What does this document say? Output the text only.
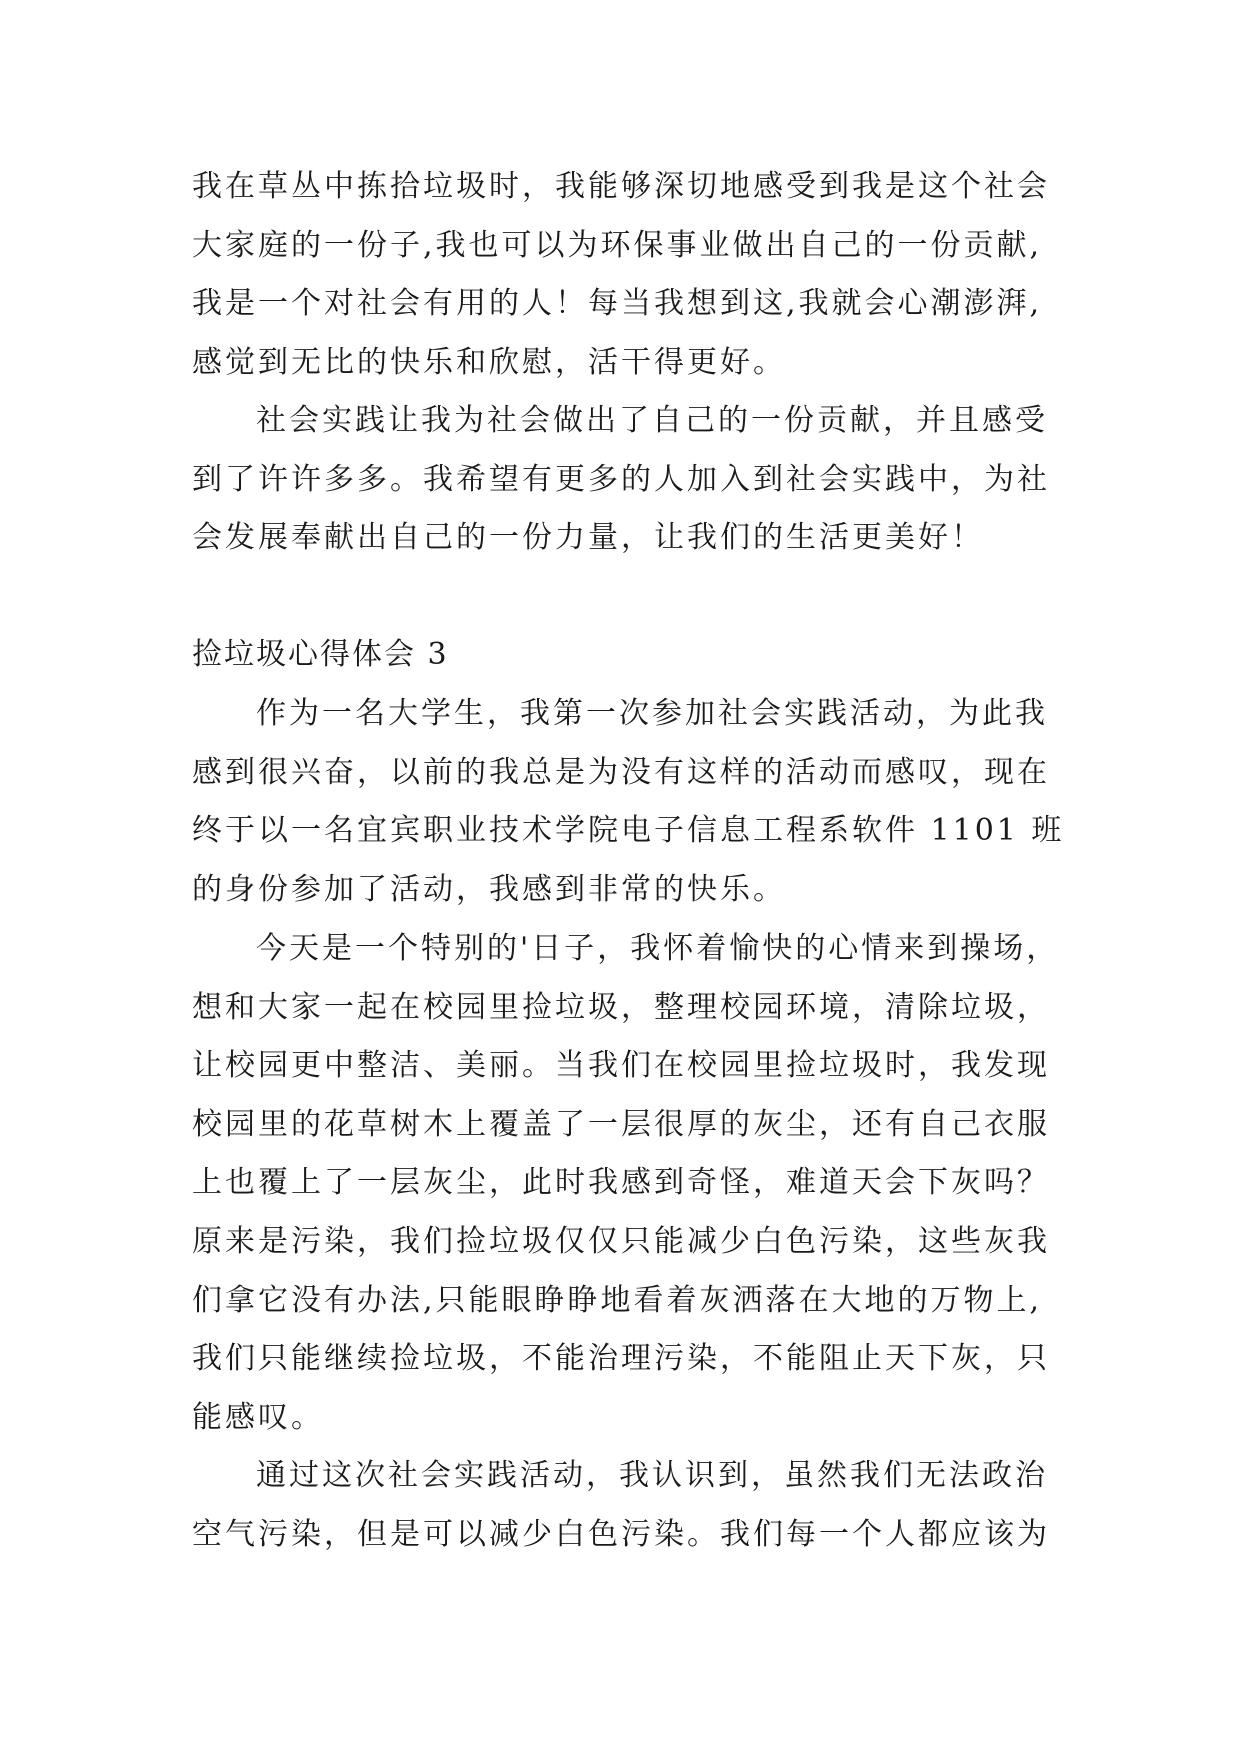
我在草丛中拣拾垃圾时，我能够深切地感受到我是这个社会
大家庭的一份子,我也可以为环保事业做出自己的一份贡献,
我是一个对社会有用的人！每当我想到这,我就会心潮澎湃,
感觉到无比的快乐和欣慰，活干得更好。
社会实践让我为社会做出了自己的一份贡献，并且感受
到了许许多多。我希望有更多的人加入到社会实践中，为社
会发展奉献出自己的一份力量，让我们的生活更美好！
捡垃圾心得体会 3
作为一名大学生，我第一次参加社会实践活动，为此我
感到很兴奋，以前的我总是为没有这样的活动而感叹，现在
终于以一名宜宾职业技术学院电子信息工程系软件 1101 班
的身份参加了活动，我感到非常的快乐。
今天是一个特别的'日子，我怀着愉快的心情来到操场，
想和大家一起在校园里捡垃圾，整理校园环境，清除垃圾，
让校园更中整洁、美丽。当我们在校园里捡垃圾时，我发现
校园里的花草树木上覆盖了一层很厚的灰尘，还有自己衣服
上也覆上了一层灰尘，此时我感到奇怪，难道天会下灰吗？
原来是污染，我们捡垃圾仅仅只能减少白色污染，这些灰我
们拿它没有办法,只能眼睁睁地看着灰洒落在大地的万物上,
我们只能继续捡垃圾，不能治理污染，不能阻止天下灰，只
能感叹。
通过这次社会实践活动，我认识到，虽然我们无法政治
空气污染，但是可以减少白色污染。我们每一个人都应该为
